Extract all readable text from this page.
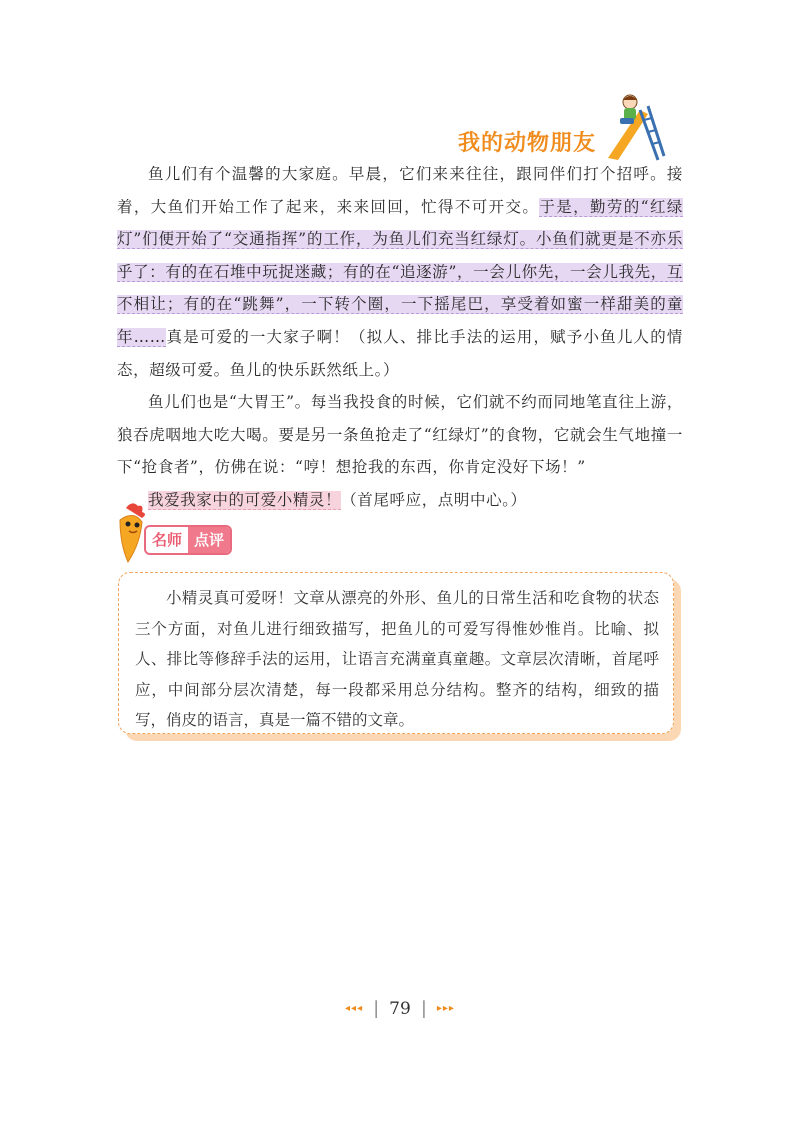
我的动物朋友

鱼儿们有个温馨的大家庭。早晨，它们来来往往，跟同伴们打个招呼。接着，大鱼们开始工作了起来，来来回回，忙得不可开交。于是，勤劳的“红绿灯”们便开始了“交通指挥”的工作，为鱼儿们充当红绿灯。小鱼们就更是不亦乐乎了：有的在石堆中玩捉迷藏；有的在“追逐游”，一会儿你先，一会儿我先，互不相让；有的在“跳舞”，一下转个圈，一下摇尾巴，享受着如蜜一样甜美的童年……真是可爱的一大家子啊！（拟人、排比手法的运用，赋予小鱼儿人的情态，超级可爱。鱼儿的快乐跃然纸上。）

鱼儿们也是“大胃王”。每当我投食的时候，它们就不约而同地笔直往上游，狼吞虎咽地大吃大喝。要是另一条鱼抢走了“红绿灯”的食物，它就会生气地撞一下“抢食者”，仿佛在说：“哼！想抢我的东西，你肯定没好下场！”

我爱我家中的可爱小精灵！（首尾呼应，点明中心。）

名师 点评
小精灵真可爱呀！文章从漂亮的外形、鱼儿的日常生活和吃食物的状态三个方面，对鱼儿进行细致描写，把鱼儿的可爱写得惟妙惟肖。比喻、拟人、排比等修辞手法的运用，让语言充满童真童趣。文章层次清晰，首尾呼应，中间部分层次清楚，每一段都采用总分结构。整齐的结构，细致的描写，俏皮的语言，真是一篇不错的文章。
◂◂◂ | 79 | ▸▸▸
